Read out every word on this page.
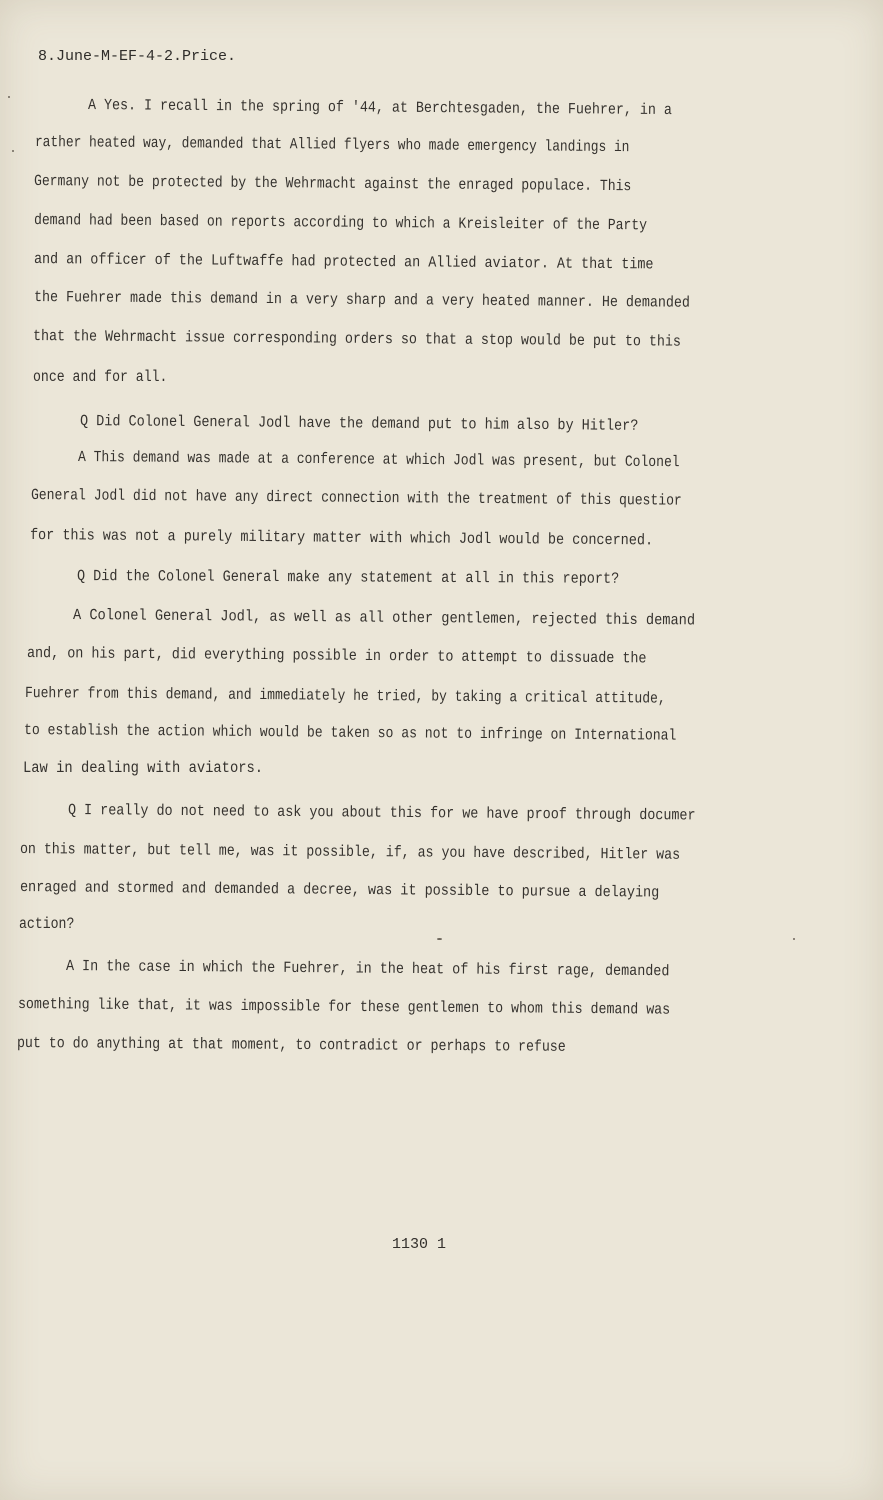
8.June-M-EF-4-2.Price.
A Yes. I recall in the spring of '44, at Berchtesgaden, the Fuehrer, in a
rather heated way, demanded that Allied flyers who made emergency landings in
Germany not be protected by the Wehrmacht against the enraged populace. This
demand had been based on reports according to which a Kreisleiter of the Party
and an officer of the Luftwaffe had protected an Allied aviator. At that time
the Fuehrer made this demand in a very sharp and a very heated manner. He demanded
that the Wehrmacht issue corresponding orders so that a stop would be put to this
once and for all.
Q Did Colonel General Jodl have the demand put to him also by Hitler?
A This demand was made at a conference at which Jodl was present, but Colonel
General Jodl did not have any direct connection with the treatment of this questior
for this was not a purely military matter with which Jodl would be concerned.
Q Did the Colonel General make any statement at all in this report?
A Colonel General Jodl, as well as all other gentlemen, rejected this demand
and, on his part, did everything possible in order to attempt to dissuade the
Fuehrer from this demand, and immediately he tried, by taking a critical attitude,
to establish the action which would be taken so as not to infringe on International
Law in dealing with aviators.
Q I really do not need to ask you about this for we have proof through documer
on this matter, but tell me, was it possible, if, as you have described, Hitler was
enraged and stormed and demanded a decree, was it possible to pursue a delaying
action?
A In the case in which the Fuehrer, in the heat of his first rage, demanded
something like that, it was impossible for these gentlemen to whom this demand was
put to do anything at that moment, to contradict or perhaps to refuse
1130 1
